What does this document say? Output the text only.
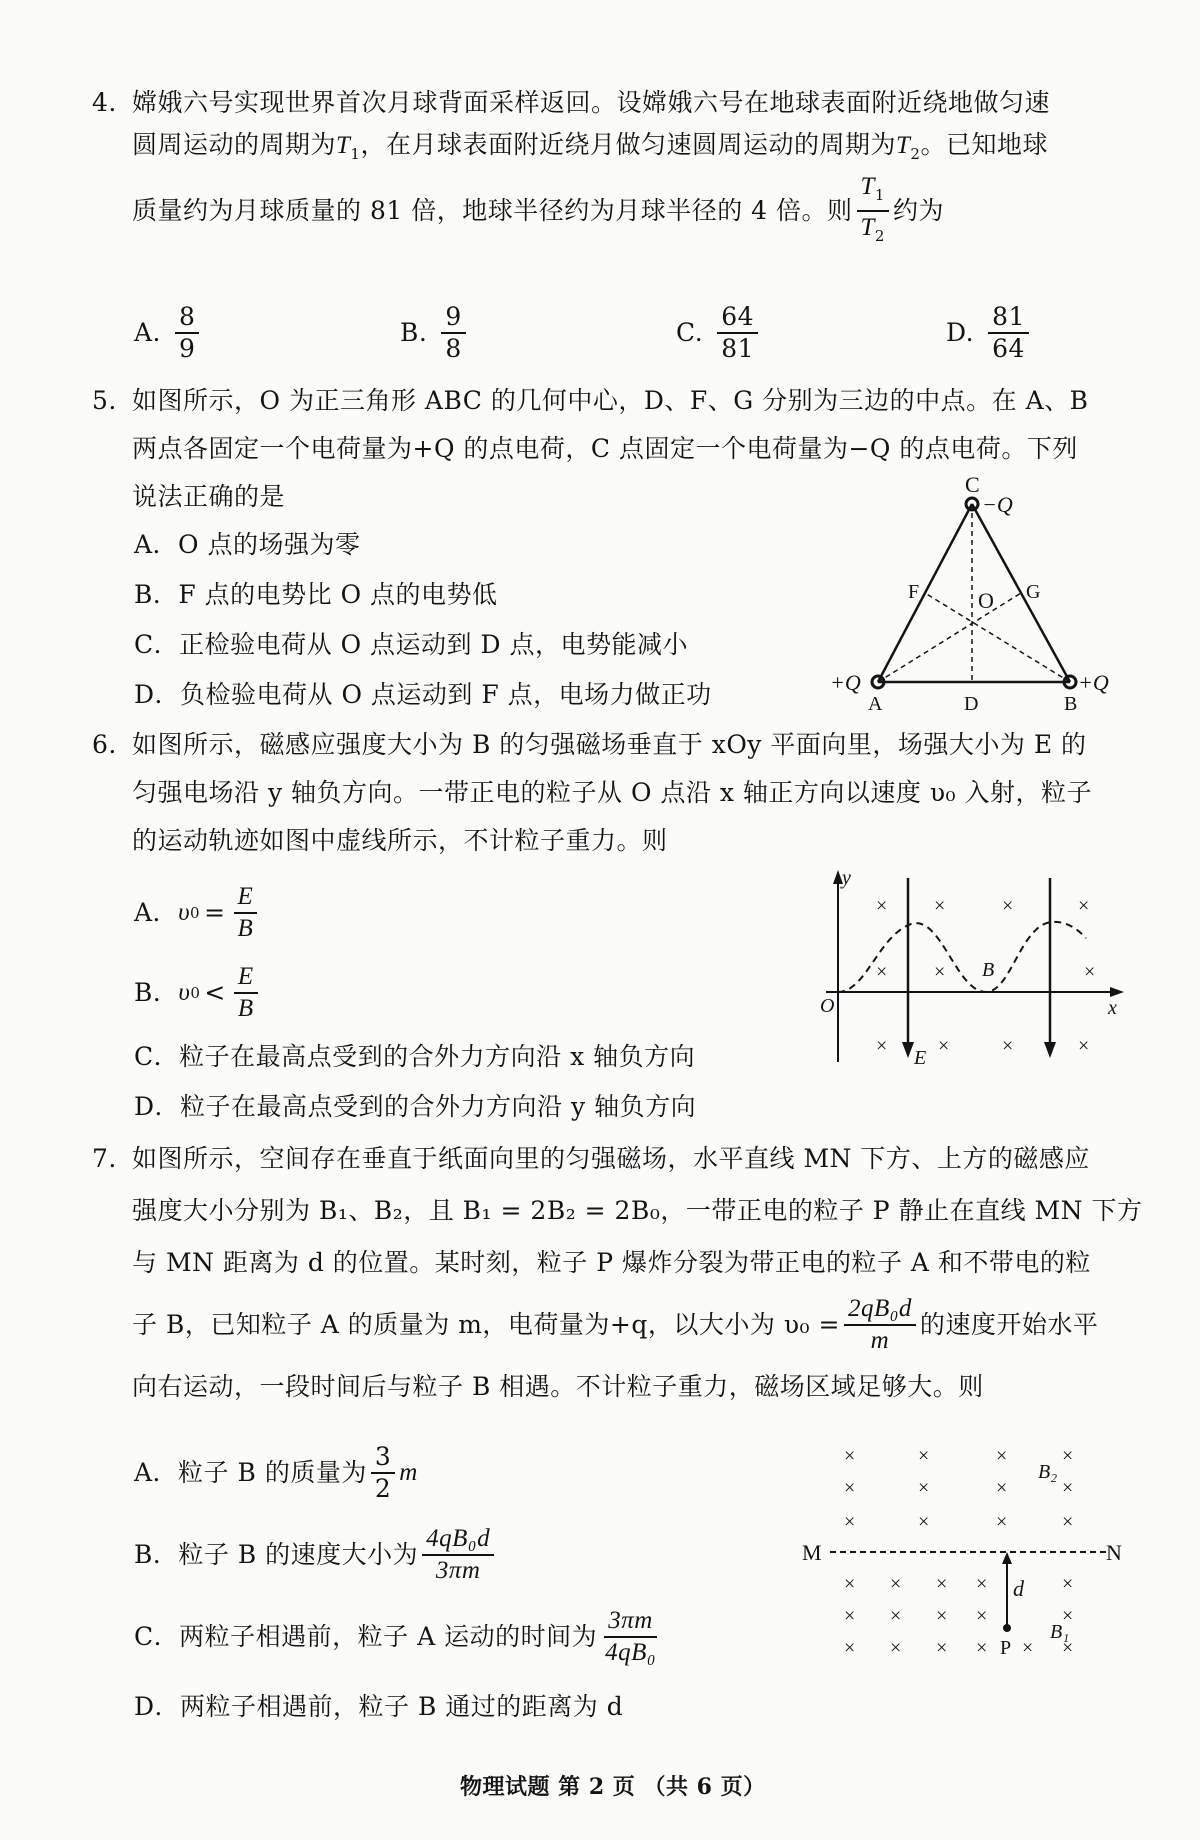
4. 嫦娥六号实现世界首次月球背面采样返回。设嫦娥六号在地球表面附近绕地做匀速
圆周运动的周期为$T_1$，在月球表面附近绕月做匀速圆周运动的周期为$T_2$。已知地球
质量约为月球质量的 81 倍，地球半径约为月球半径的 4 倍。则 $\frac{T_1}{T_2}$ 约为
A. $\frac{8}{9}$	B. $\frac{9}{8}$	C. $\frac{64}{81}$	D. $\frac{81}{64}$
5. 如图所示，O 为正三角形 ABC 的几何中心，D、F、G 分别为三边的中点。在 A、B
两点各固定一个电荷量为+Q 的点电荷，C 点固定一个电荷量为−Q 的点电荷。下列
说法正确的是
A．O 点的场强为零
B．F 点的电势比 O 点的电势低
C．正检验电荷从 O 点运动到 D 点，电势能减小
D．负检验电荷从 O 点运动到 F 点，电场力做正功
C
−Q
F	G
O
+Q	+Q
A	D	B
6. 如图所示，磁感应强度大小为 B 的匀强磁场垂直于 xOy 平面向里，场强大小为 E 的
匀强电场沿 y 轴负方向。一带正电的粒子从 O 点沿 x 轴正方向以速度 υ₀ 入射，粒子
的运动轨迹如图中虚线所示，不计粒子重力。则
A． υ $0 = \frac{E}{B}$
B． υ $0 < \frac{E}{B}$
C．粒子在最高点受到的合外力方向沿 x 轴负方向
D．粒子在最高点受到的合外力方向沿 y 轴负方向
y
x
O
B
E
× ×	×	×
× ×	×
×	×	×	×
7. 如图所示，空间存在垂直于纸面向里的匀强磁场，水平直线 MN 下方、上方的磁感应
强度大小分别为 B₁、B₂，且 B₁ = 2B₂ = 2B₀，一带正电的粒子 P 静止在直线 MN 下方
与 MN 距离为 d 的位置。某时刻，粒子 P 爆炸分裂为带正电的粒子 A 和不带电的粒
子 B，已知粒子 A 的质量为 m，电荷量为+q，以大小为 $\upsilon_0 = \frac{\text{2qB₀d}}{m}$ 的速度开始水平
向右运动，一段时间后与粒子 B 相遇。不计粒子重力，磁场区域足够大。则
A．粒子 B 的质量为 $\frac{3}{2}$ m
B．粒子 B 的速度大小为 $\frac{\text{4qB₀d}}{3\pi m}$
C．两粒子相遇前，粒子 A 运动的时间为 $\frac{3\pi m}{\text{4qB₀}}$
D．两粒子相遇前，粒子 B 通过的距离为 d
M	N
d
P
B₂
B₁
×	×	×	×
×	×	×	×
×	×	×	×
× × × ×	×
× × × ×	×
× × × × × ×
物理试题 第 2 页 （共 6 页）
